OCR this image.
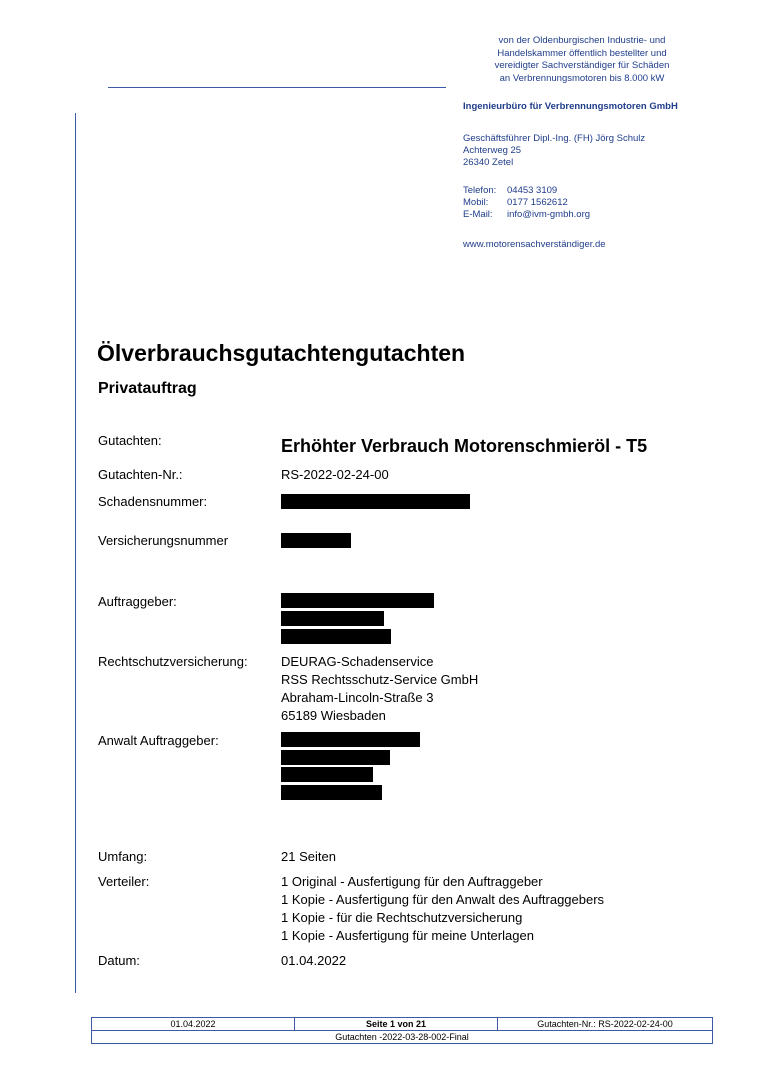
von der Oldenburgischen Industrie- und
Handelskammer öffentlich bestellter und
vereidigter Sachverständiger für Schäden
an Verbrennungsmotoren bis 8.000 kW
Ingenieurbüro für Verbrennungsmotoren GmbH
Geschäftsführer Dipl.-Ing. (FH) Jörg Schulz
Achterweg 25
26340 Zetel
Telefon: 04453 3109
Mobil: 0177 1562612
E-Mail: info@ivm-gmbh.org
www.motorensachverständiger.de
Ölverbrauchsgutachtengutachten
Privatauftrag
Gutachten:	Erhöhter Verbrauch Motorenschmieröl - T5
Gutachten-Nr.:	RS-2022-02-24-00
Schadensnummer:
Versicherungsnummer
Auftraggeber:
Rechtschutzversicherung:	DEURAG-Schadenservice
RSS Rechtsschutz-Service GmbH
Abraham-Lincoln-Straße 3
65189 Wiesbaden
Anwalt Auftraggeber:
Umfang:	21 Seiten
Verteiler:	1 Original - Ausfertigung für den Auftraggeber
1 Kopie - Ausfertigung für den Anwalt des Auftraggebers
1 Kopie - für die Rechtschutzversicherung
1 Kopie - Ausfertigung für meine Unterlagen
Datum:	01.04.2022
01.04.2022	Seite 1 von 21	Gutachten-Nr.: RS-2022-02-24-00
Gutachten -2022-03-28-002-Final
